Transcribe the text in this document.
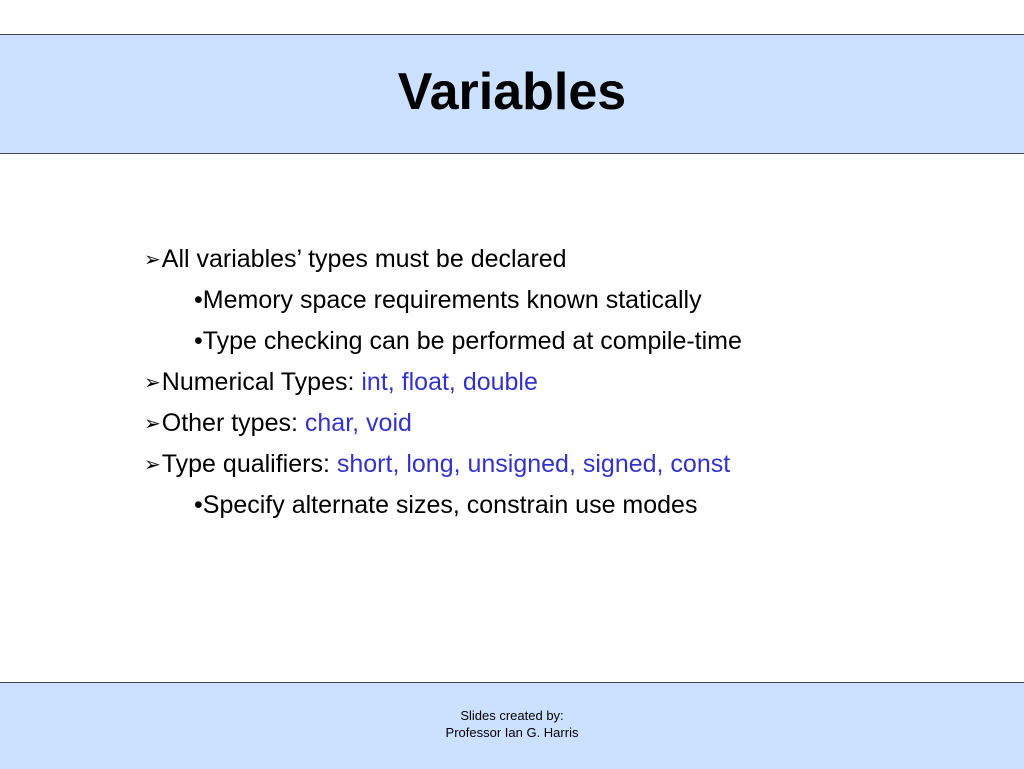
Variables
➢All variables’ types must be declared
•Memory space requirements known statically
•Type checking can be performed at compile-time
➢Numerical Types: int, float, double
➢Other types: char, void
➢Type qualifiers: short, long, unsigned, signed, const
•Specify alternate sizes, constrain use modes
Slides created by:
Professor Ian G. Harris
